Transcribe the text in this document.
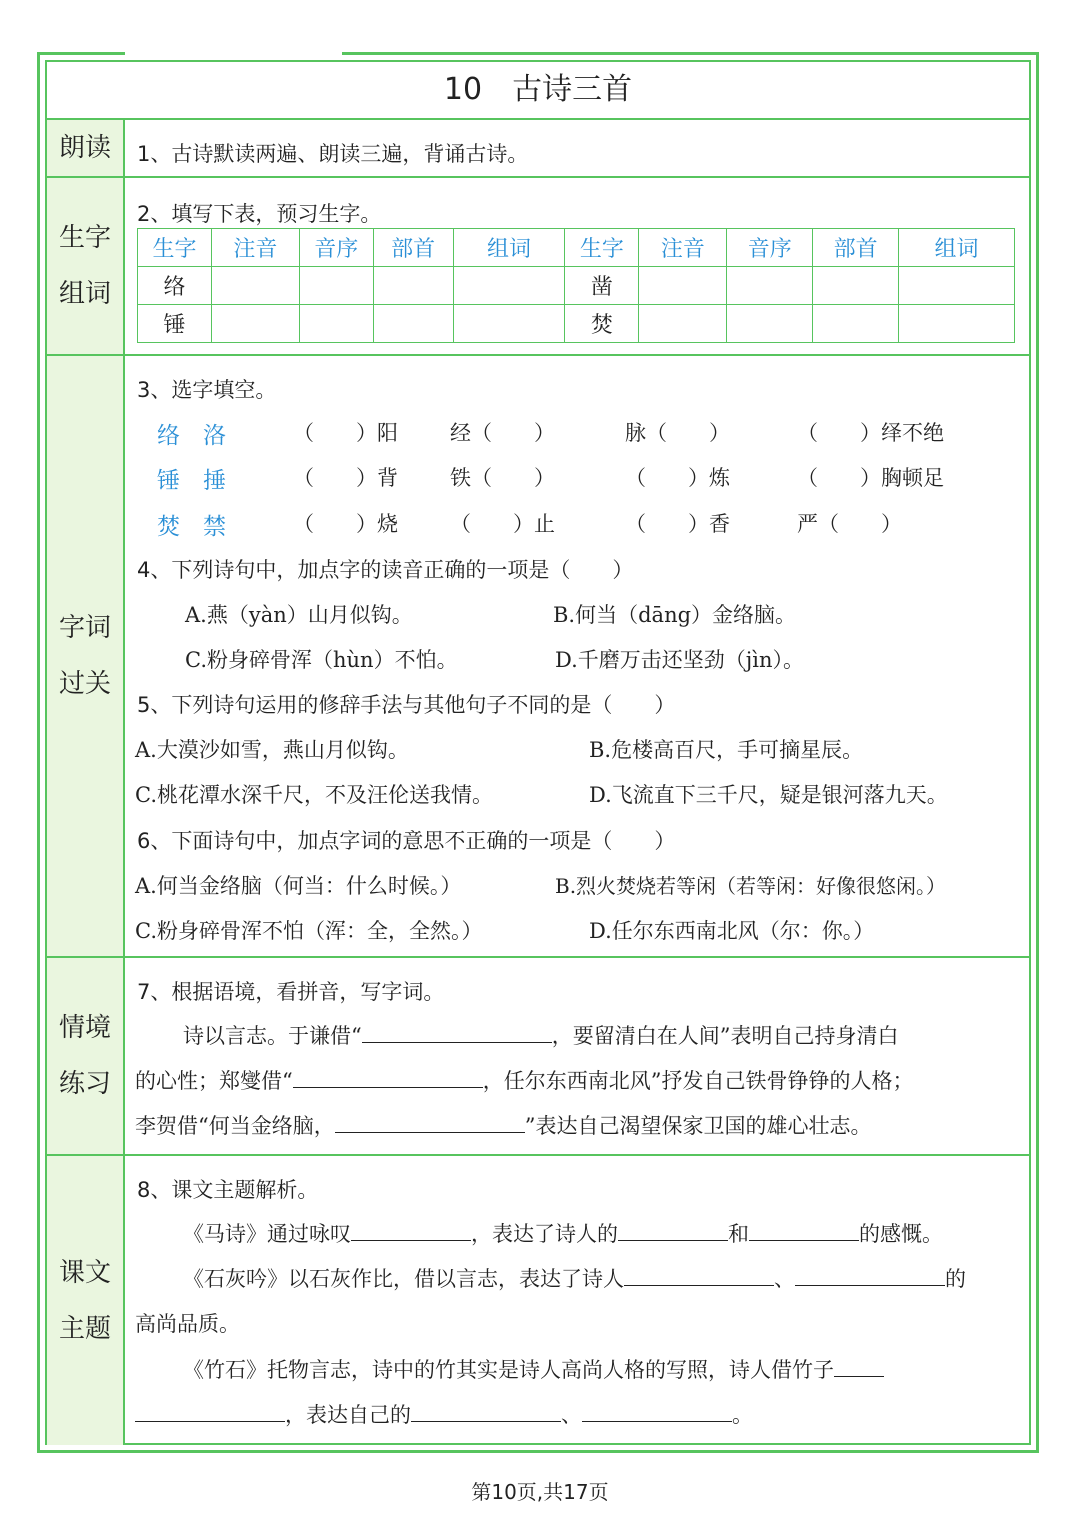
10　古诗三首
朗读 1、古诗默读两遍、朗读三遍，背诵古诗。
生字
组词
2、填写下表，预习生字。
生字	注音	音序	部首	组词	生字	注音	音序	部首	组词
络					凿				
锤					焚				
字词
过关
3、选字填空。
络　洛	（　　）阳 经（　　）	脉（　　）	（　　）绎不绝
锤　捶	（　　）背 铁（　　）	（　　）炼	（　　）胸顿足
焚　禁	（　　）烧 （　　）止	（　　）香	严（　　）
4、下列诗句中，加点字的读音正确的一项是（　　）
A.燕（yàn）山月似钩。	B.何当（dāng）金络脑。
C.粉身碎骨浑（hùn）不怕。	D.千磨万击还坚劲（jìn）。
5、下列诗句运用的修辞手法与其他句子不同的是（　　）
A.大漠沙如雪，燕山月似钩。	B.危楼高百尺，手可摘星辰。
C.桃花潭水深千尺，不及汪伦送我情。	D.飞流直下三千尺，疑是银河落九天。
6、下面诗句中，加点字词的意思不正确的一项是（　　）
A.何当金络脑（何当：什么时候。）	B.烈火焚烧若等闲（若等闲：好像很悠闲。）
C.粉身碎骨浑不怕（浑：全，全然。）	D.任尔东西南北风（尔：你。）
情境
练习
7、根据语境，看拼音，写字词。
诗以言志。于谦借“	，要留清白在人间”表明自己持身清白
的心性；郑燮借“	，任尔东西南北风”抒发自己铁骨铮铮的人格；
李贺借“何当金络脑，	”表达自己渴望保家卫国的雄心壮志。
课文
主题
8、课文主题解析。
《马诗》通过咏叹	，表达了诗人的	和	的感慨。
《石灰吟》以石灰作比，借以言志，表达了诗人	、	的
高尚品质。
《竹石》托物言志，诗中的竹其实是诗人高尚人格的写照，诗人借竹子
，表达自己的	、	。
第10页,共17页
